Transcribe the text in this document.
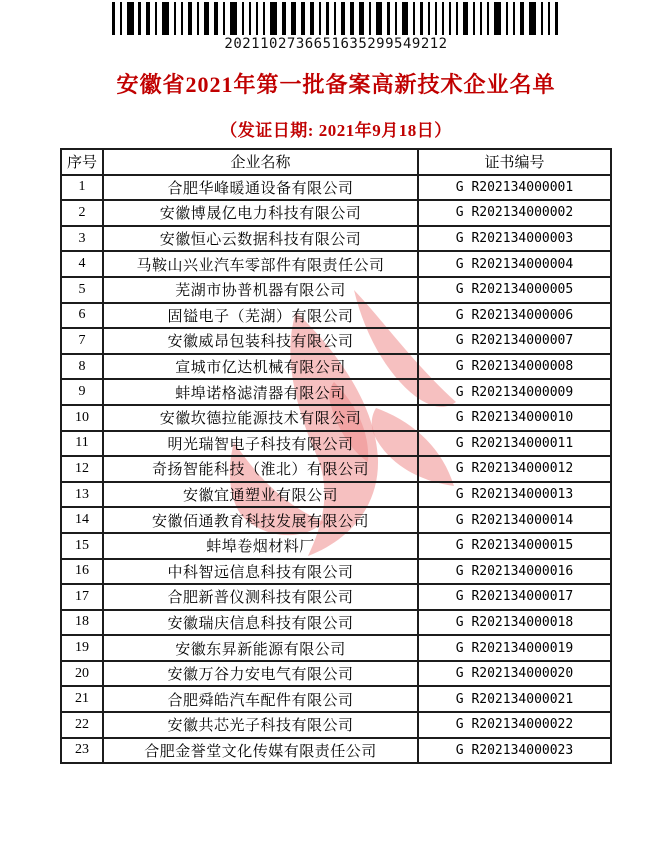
2021102736651635299549212
安徽省2021年第一批备案高新技术企业名单
（发证日期: 2021年9月18日）
序号	企业名称	证书编号
1	合肥华峰暖通设备有限公司	G R202134000001
2	安徽博晟亿电力科技有限公司	G R202134000002
3	安徽恒心云数据科技有限公司	G R202134000003
4	马鞍山兴业汽车零部件有限责任公司	G R202134000004
5	芜湖市协普机器有限公司	G R202134000005
6	固镒电子（芜湖）有限公司	G R202134000006
7	安徽威昂包装科技有限公司	G R202134000007
8	宣城市亿达机械有限公司	G R202134000008
9	蚌埠诺格滤清器有限公司	G R202134000009
10	安徽坎德拉能源技术有限公司	G R202134000010
11	明光瑞智电子科技有限公司	G R202134000011
12	奇扬智能科技（淮北）有限公司	G R202134000012
13	安徽宜通塑业有限公司	G R202134000013
14	安徽佰通教育科技发展有限公司	G R202134000014
15	蚌埠卷烟材料厂	G R202134000015
16	中科智远信息科技有限公司	G R202134000016
17	合肥新普仪测科技有限公司	G R202134000017
18	安徽瑞庆信息科技有限公司	G R202134000018
19	安徽东昇新能源有限公司	G R202134000019
20	安徽万谷力安电气有限公司	G R202134000020
21	合肥舜皓汽车配件有限公司	G R202134000021
22	安徽共芯光子科技有限公司	G R202134000022
23	合肥金誉堂文化传媒有限责任公司	G R202134000023
